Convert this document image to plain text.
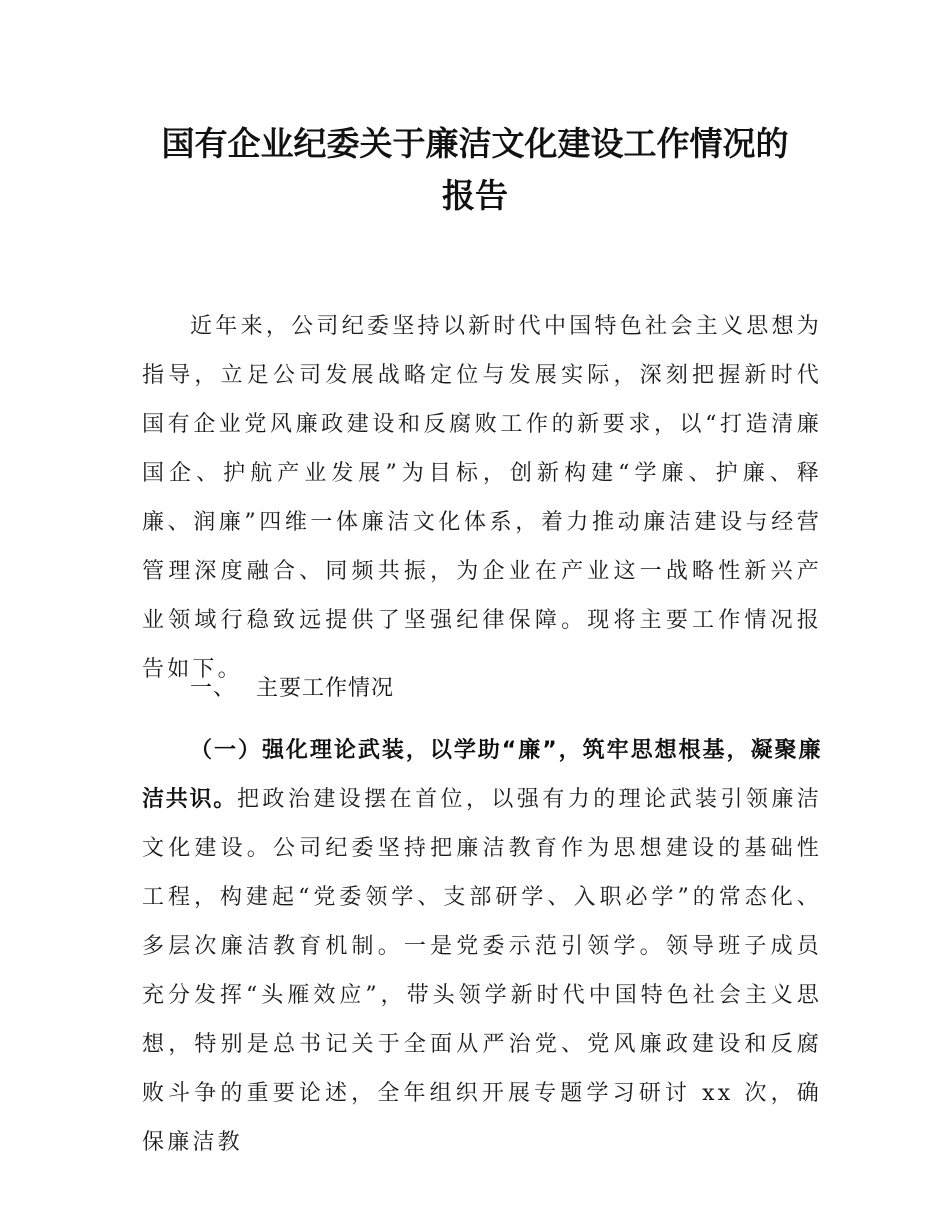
国有企业纪委关于廉洁文化建设工作情况的
报告
近年来，公司纪委坚持以新时代中国特色社会主义思想为指导，立足公司发展战略定位与发展实际，深刻把握新时代国有企业党风廉政建设和反腐败工作的新要求，以“打造清廉国企、护航产业发展”为目标，创新构建“学廉、护廉、释廉、润廉”四维一体廉洁文化体系，着力推动廉洁建设与经营管理深度融合、同频共振，为企业在产业这一战略性新兴产业领域行稳致远提供了坚强纪律保障。现将主要工作情况报告如下。
一、 主要工作情况
（一）强化理论武装，以学助“廉”，筑牢思想根基，凝聚廉洁共识。把政治建设摆在首位，以强有力的理论武装引领廉洁文化建设。公司纪委坚持把廉洁教育作为思想建设的基础性工程，构建起“党委领学、支部研学、入职必学”的常态化、多层次廉洁教育机制。一是党委示范引领学。领导班子成员充分发挥“头雁效应”，带头领学新时代中国特色社会主义思想，特别是总书记关于全面从严治党、党风廉政建设和反腐败斗争的重要论述，全年组织开展专题学习研讨 xx 次，确保廉洁教
